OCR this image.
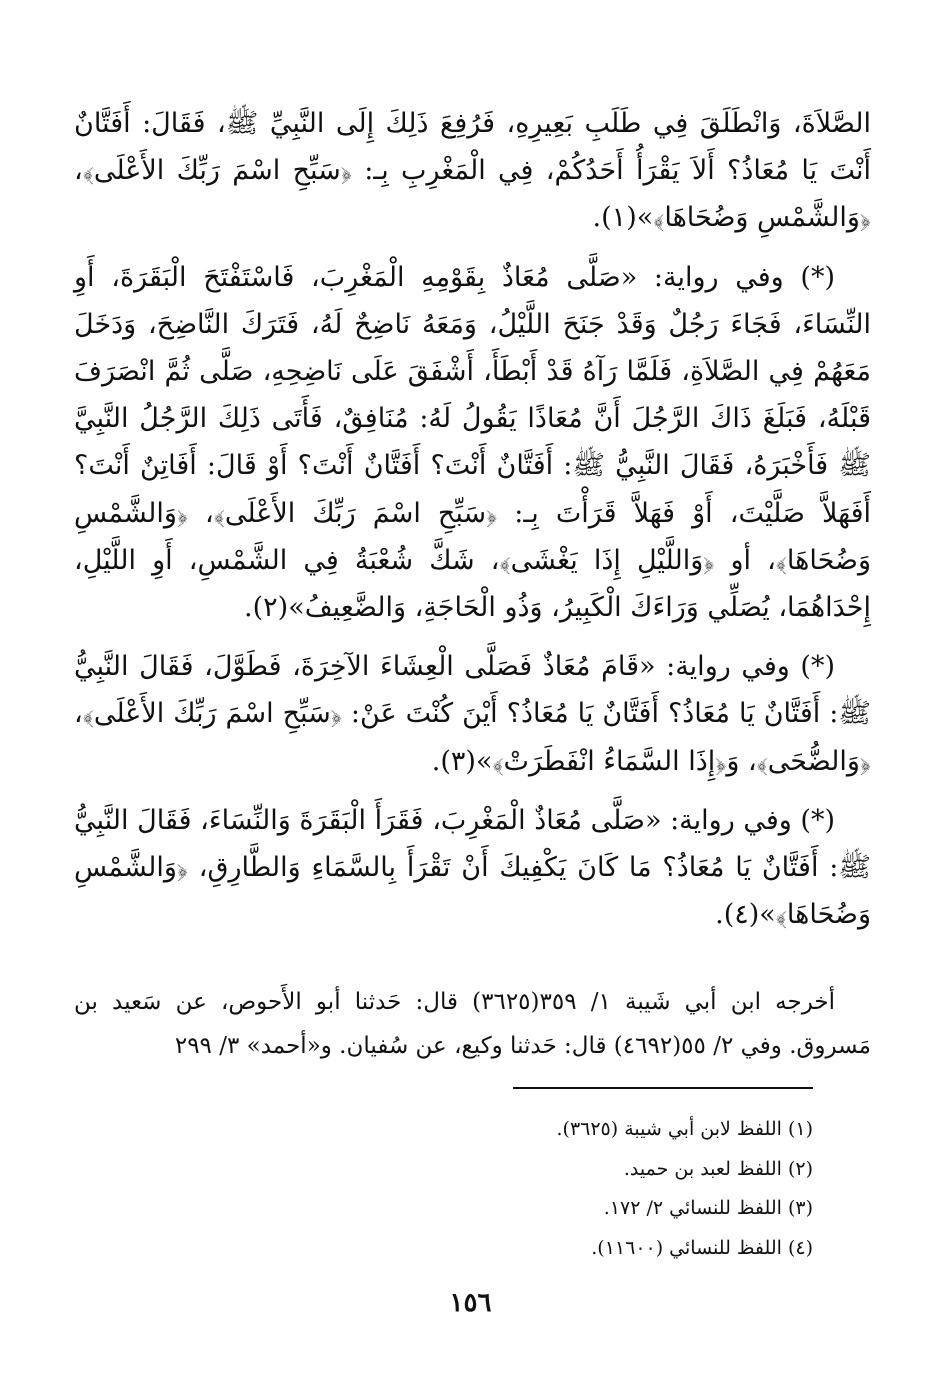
الصَّلاَةَ، وَانْطَلَقَ فِي طَلَبِ بَعِيرِهِ، فَرُفِعَ ذَلِكَ إِلَى النَّبِيِّ ﷺ، فَقَالَ: أَفَتَّانٌ أَنْتَ يَا مُعَاذُ؟ أَلاَ يَقْرَأُ أَحَدُكُمْ، فِي الْمَغْرِبِ بِـ: ﴿سَبِّحِ اسْمَ رَبِّكَ الأَعْلَى﴾، ﴿وَالشَّمْسِ وَضُحَاهَا﴾»(١).

(*) وفي رواية: «صَلَّى مُعَاذٌ بِقَوْمِهِ الْمَغْرِبَ، فَاسْتَفْتَحَ الْبَقَرَةَ، أَوِ النِّسَاءَ، فَجَاءَ رَجُلٌ وَقَدْ جَنَحَ اللَّيْلُ، وَمَعَهُ نَاضِحٌ لَهُ، فَتَرَكَ النَّاضِحَ، وَدَخَلَ مَعَهُمْ فِي الصَّلاَةِ، فَلَمَّا رَآهُ قَدْ أَبْطَأَ، أَشْفَقَ عَلَى نَاضِحِهِ، صَلَّى ثُمَّ انْصَرَفَ قَبْلَهُ، فَبَلَغَ ذَاكَ الرَّجُلَ أَنَّ مُعَاذًا يَقُولُ لَهُ: مُنَافِقٌ، فَأَتَى ذَلِكَ الرَّجُلُ النَّبِيَّ ﷺ فَأَخْبَرَهُ، فَقَالَ النَّبِيُّ ﷺ: أَفَتَّانٌ أَنْتَ؟ أَفَتَّانٌ أَنْتَ؟ أَوْ قَالَ: أَفَاتِنٌ أَنْتَ؟ أَفَهَلاَّ صَلَّيْتَ، أَوْ فَهَلاَّ قَرَأْتَ بِـ: ﴿سَبِّحِ اسْمَ رَبِّكَ الأَعْلَى﴾، ﴿وَالشَّمْسِ وَضُحَاهَا﴾، أو ﴿وَاللَّيْلِ إِذَا يَغْشَى﴾، شَكَّ شُعْبَةُ فِي الشَّمْسِ، أَوِ اللَّيْلِ، إِحْدَاهُمَا، يُصَلِّي وَرَاءَكَ الْكَبِيرُ، وَذُو الْحَاجَةِ، وَالضَّعِيفُ»(٢).

(*) وفي رواية: «قَامَ مُعَاذٌ فَصَلَّى الْعِشَاءَ الآخِرَةَ، فَطَوَّلَ، فَقَالَ النَّبِيُّ ﷺ: أَفَتَّانٌ يَا مُعَاذُ؟ أَفَتَّانٌ يَا مُعَاذُ؟ أَيْنَ كُنْتَ عَنْ: ﴿سَبِّحِ اسْمَ رَبِّكَ الأَعْلَى﴾، ﴿وَالضُّحَى﴾، وَ﴿إِذَا السَّمَاءُ انْفَطَرَتْ﴾»(٣).

(*) وفي رواية: «صَلَّى مُعَاذٌ الْمَغْرِبَ، فَقَرَأَ الْبَقَرَةَ وَالنِّسَاءَ، فَقَالَ النَّبِيُّ ﷺ: أَفَتَّانٌ يَا مُعَاذُ؟ مَا كَانَ يَكْفِيكَ أَنْ تَقْرَأَ بِالسَّمَاءِ وَالطَّارِقِ، ﴿وَالشَّمْسِ وَضُحَاهَا﴾»(٤).

أخرجه ابن أبي شَيبة ١/ ٣٥٩(٣٦٢٥) قال: حَدثنا أبو الأَحوص، عن سَعيد بن مَسروق. وفي ٢/ ٥٥(٤٦٩٢) قال: حَدثنا وكيع، عن سُفيان. و«أحمد» ٣/ ٢٩٩

(١) اللفظ لابن أبي شيبة (٣٦٢٥).
(٢) اللفظ لعبد بن حميد.
(٣) اللفظ للنسائي ٢/ ١٧٢.
(٤) اللفظ للنسائي (١١٦٠٠).
١٥٦
